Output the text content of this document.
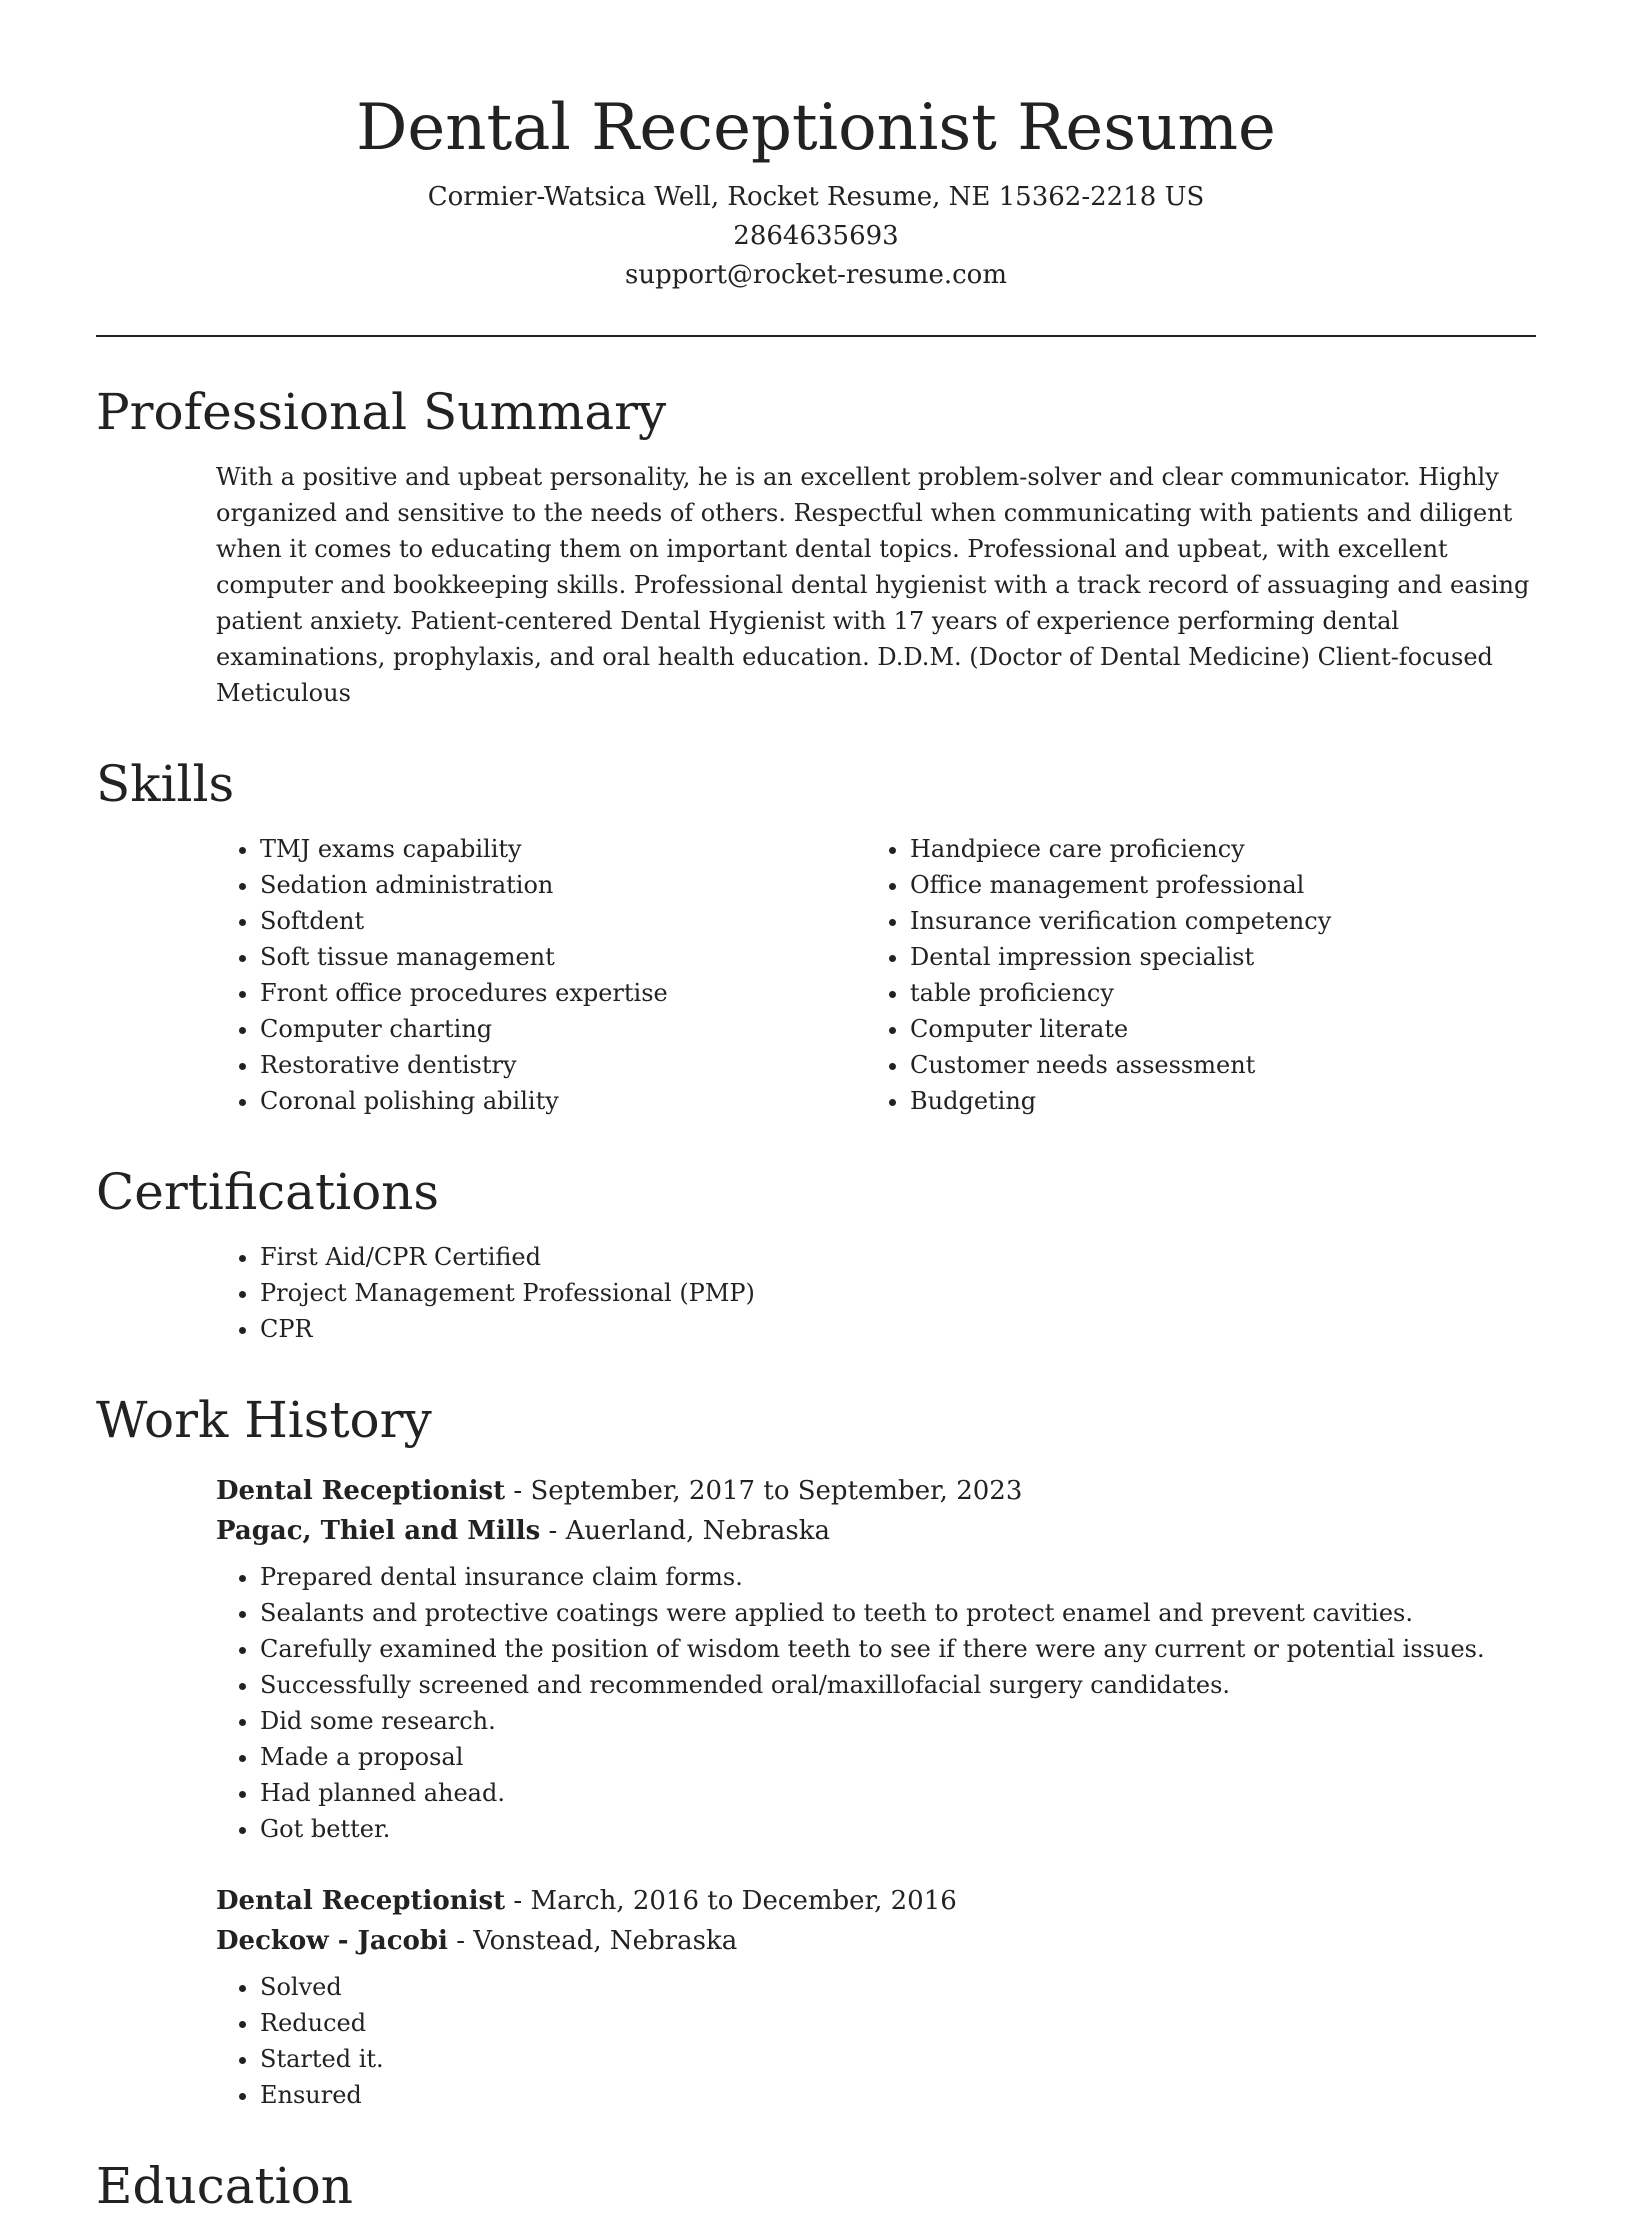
Dental Receptionist Resume

Cormier-Watsica Well, Rocket Resume, NE 15362-2218 US

2864635693

support@rocket-resume.com

Professional Summary

With a positive and upbeat personality, he is an excellent problem-solver and clear communicator. Highly organized and sensitive to the needs of others. Respectful when communicating with patients and diligent when it comes to educating them on important dental topics. Professional and upbeat, with excellent computer and bookkeeping skills. Professional dental hygienist with a track record of assuaging and easing patient anxiety. Patient-centered Dental Hygienist with 17 years of experience performing dental examinations, prophylaxis, and oral health education. D.D.M. (Doctor of Dental Medicine) Client-focused Meticulous

Skills
• TMJ exams capability
• Sedation administration
• Softdent
• Soft tissue management
• Front office procedures expertise
• Computer charting
• Restorative dentistry
• Coronal polishing ability
• Handpiece care proficiency
• Office management professional
• Insurance verification competency
• Dental impression specialist
• table proficiency
• Computer literate
• Customer needs assessment
• Budgeting
Certifications
• First Aid/CPR Certified
• Project Management Professional (PMP)
• CPR
Work History

Dental Receptionist - September, 2017 to September, 2023

Pagac, Thiel and Mills - Auerland, Nebraska

• Prepared dental insurance claim forms.
• Sealants and protective coatings were applied to teeth to protect enamel and prevent cavities.
• Carefully examined the position of wisdom teeth to see if there were any current or potential issues.
• Successfully screened and recommended oral/maxillofacial surgery candidates.
• Did some research.
• Made a proposal
• Had planned ahead.
• Got better.

Dental Receptionist - March, 2016 to December, 2016

Deckow - Jacobi - Vonstead, Nebraska

• Solved
• Reduced
• Started it.
• Ensured
Education
